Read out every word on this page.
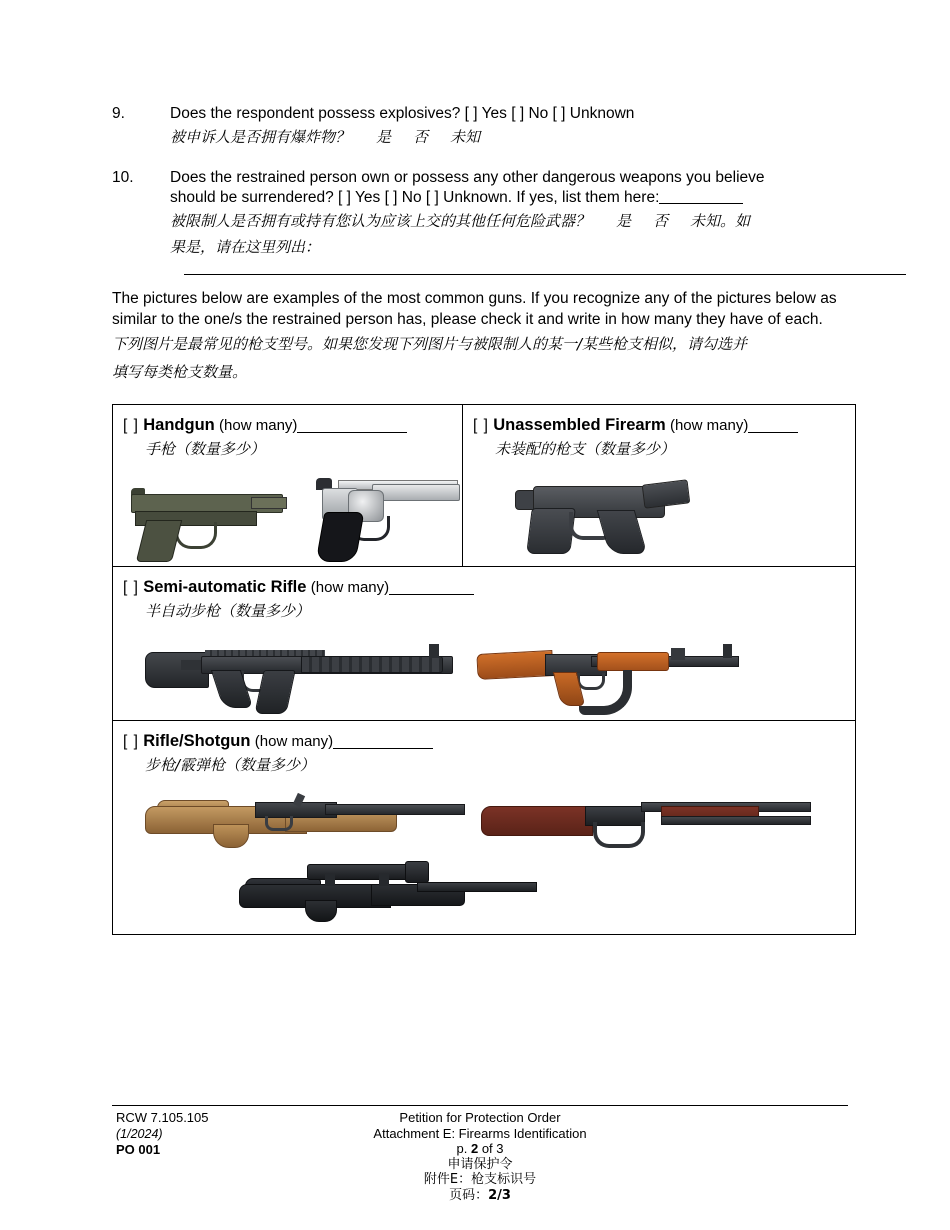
9.	Does the respondent possess explosives? [ ] Yes [ ] No [ ] Unknown
被申诉人是否拥有爆炸物？ 是 否 未知
10.	Does the restrained person own or possess any other dangerous weapons you believe
should be surrendered? [ ] Yes [ ] No [ ] Unknown. If yes, list them here:
被限制人是否拥有或持有您认为应该上交的其他任何危险武器？ 是 否 未知。如
果是，请在这里列出：
The pictures below are examples of the most common guns. If you recognize any of the pictures below as similar to the one/s the restrained person has, please check it and write in how many they have of each.
下列图片是最常见的枪支型号。如果您发现下列图片与被限制人的某一/某些枪支相似，请勾选并
填写每类枪支数量。
[ ] Handgun (how many)
手枪（数量多少）
[ ] Unassembled Firearm (how many)
未装配的枪支（数量多少）
[ ] Semi-automatic Rifle (how many)
半自动步枪（数量多少）
[ ] Rifle/Shotgun (how many)
步枪/霰弹枪（数量多少）
RCW 7.105.105
(1/2024)
PO 001
Petition for Protection Order
Attachment E: Firearms Identification
p. 2 of 3
申请保护令
附件E：枪支标识号
页码：2/3
